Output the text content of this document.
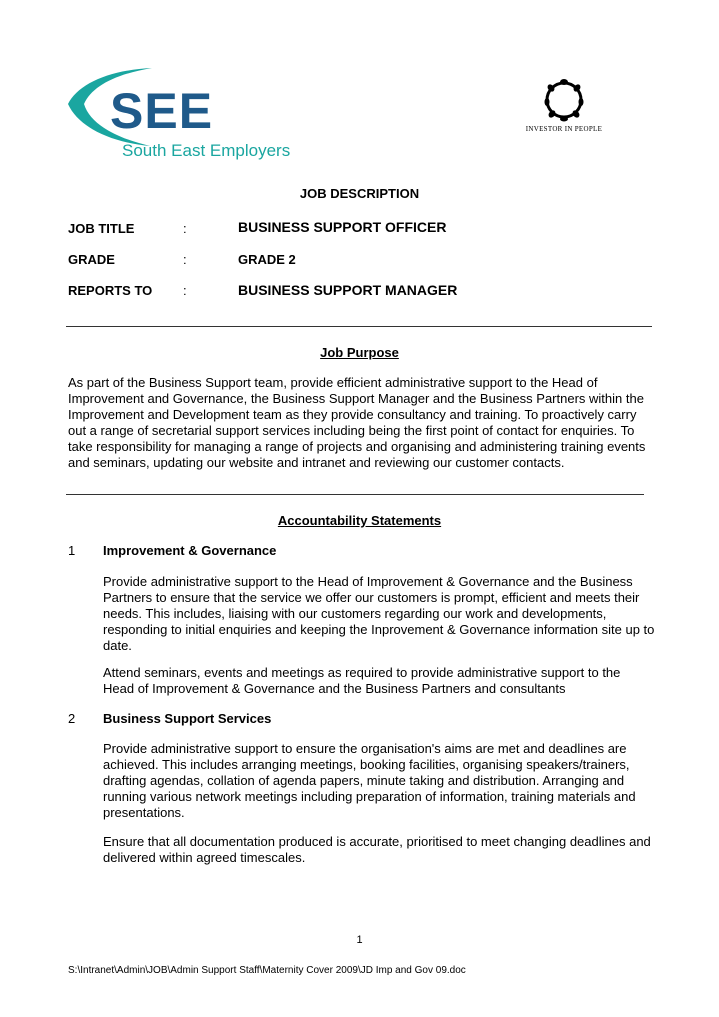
SEE
South East Employers
INVESTOR IN PEOPLE
JOB DESCRIPTION
JOB TITLE	:	BUSINESS SUPPORT OFFICER
GRADE	:	GRADE 2
REPORTS TO :	BUSINESS SUPPORT MANAGER
Job Purpose
As part of the Business Support team, provide efficient administrative support to the Head of Improvement and Governance, the Business Support Manager and the Business Partners within the Improvement and Development team as they provide consultancy and training. To proactively carry out a range of secretarial support services including being the first point of contact for enquiries. To take responsibility for managing a range of projects and organising and administering training events and seminars, updating our website and intranet and reviewing our customer contacts.
Accountability Statements
1 Improvement & Governance
Provide administrative support to the Head of Improvement & Governance and the Business Partners to ensure that the service we offer our customers is prompt, efficient and meets their needs. This includes, liaising with our customers regarding our work and developments, responding to initial enquiries and keeping the Inprovement & Governance information site up to date.
Attend seminars, events and meetings as required to provide administrative support to the Head of Improvement & Governance and the Business Partners and consultants
2 Business Support Services
Provide administrative support to ensure the organisation's aims are met and deadlines are achieved. This includes arranging meetings, booking facilities, organising speakers/trainers, drafting agendas, collation of agenda papers, minute taking and distribution. Arranging and running various network meetings including preparation of information, training materials and presentations.
Ensure that all documentation produced is accurate, prioritised to meet changing deadlines and delivered within agreed timescales.
1
S:\Intranet\Admin\JOB\Admin Support Staff\Maternity Cover 2009\JD Imp and Gov 09.doc
